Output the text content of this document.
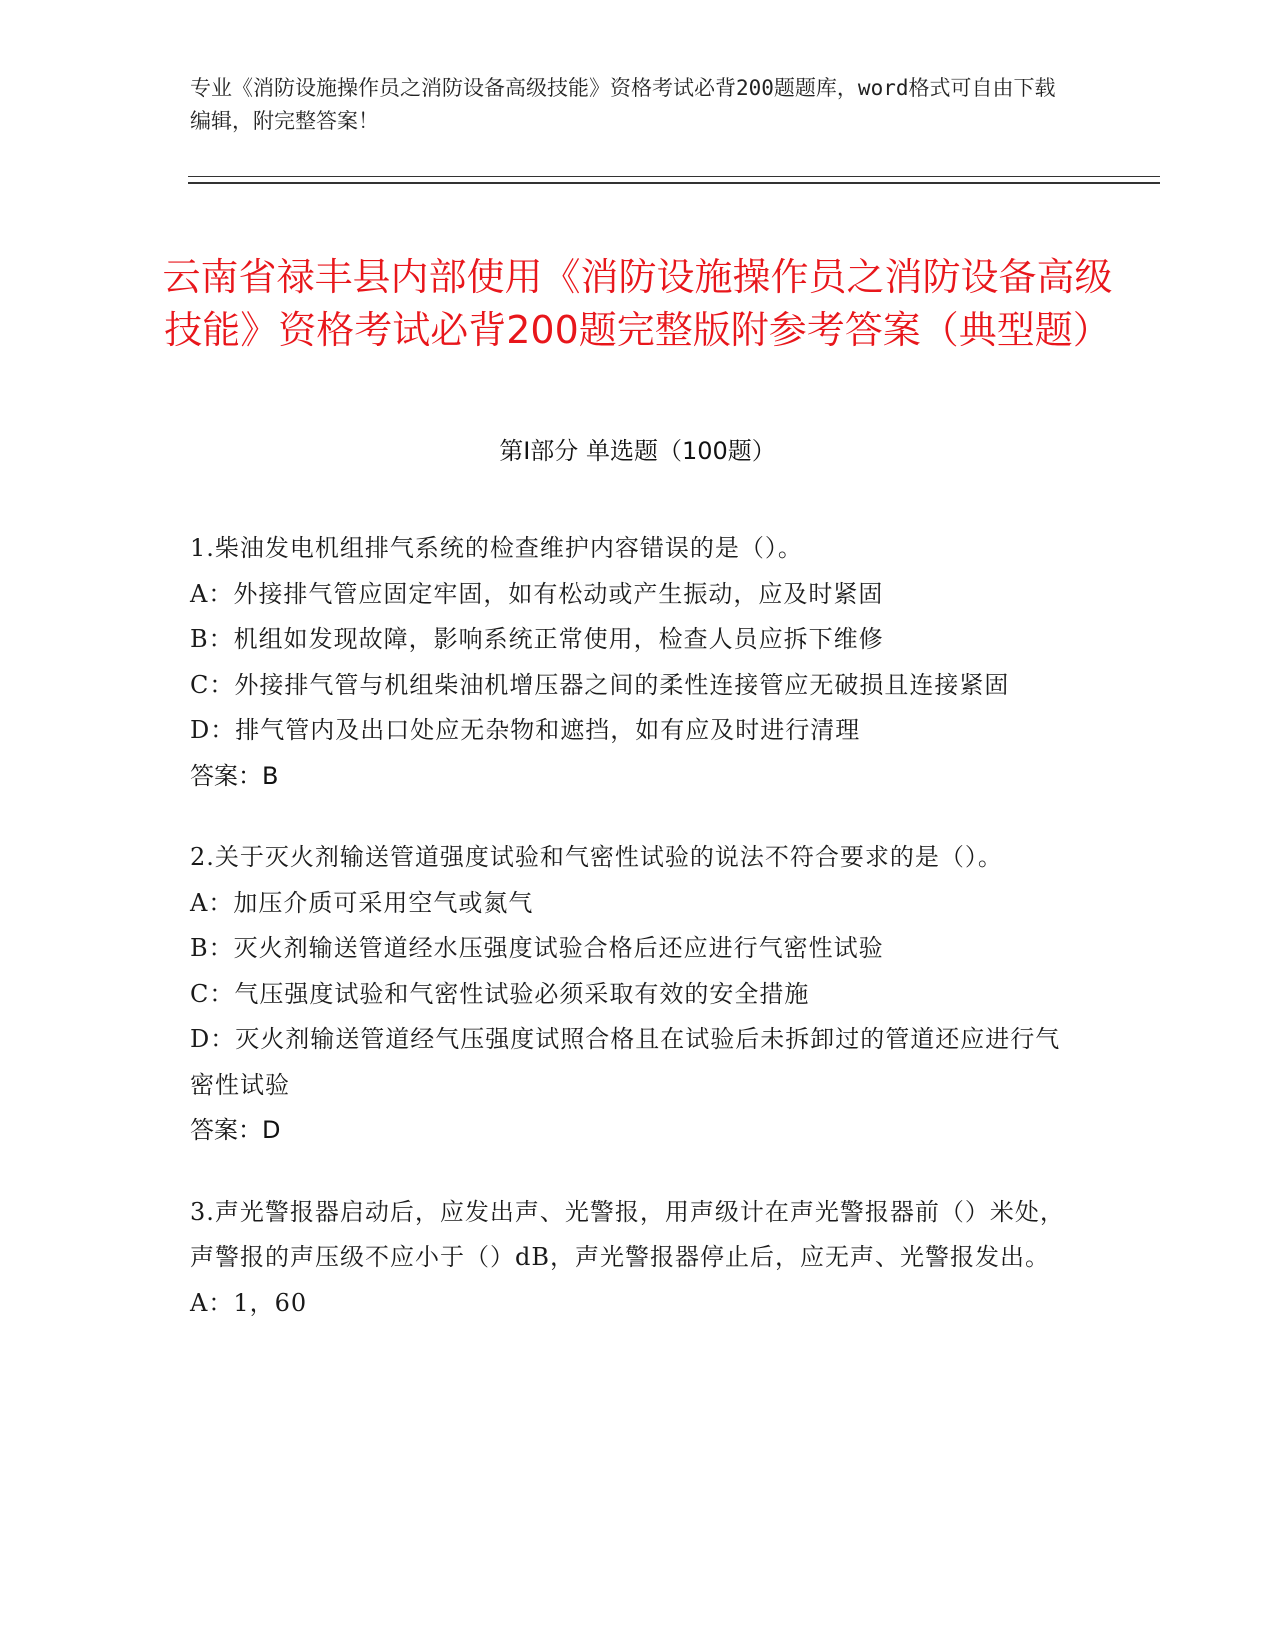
专业《消防设施操作员之消防设备高级技能》资格考试必背200题题库，word格式可自由下载编辑，附完整答案！
云南省禄丰县内部使用《消防设施操作员之消防设备高级技能》资格考试必背200题完整版附参考答案（典型题）
第I部分 单选题（100题）
1.柴油发电机组排气系统的检查维护内容错误的是（）。
A：外接排气管应固定牢固，如有松动或产生振动，应及时紧固
B：机组如发现故障，影响系统正常使用，检查人员应拆下维修
C：外接排气管与机组柴油机增压器之间的柔性连接管应无破损且连接紧固
D：排气管内及出口处应无杂物和遮挡，如有应及时进行清理
答案：B
2.关于灭火剂输送管道强度试验和气密性试验的说法不符合要求的是（）。
A：加压介质可采用空气或氮气
B：灭火剂输送管道经水压强度试验合格后还应进行气密性试验
C：气压强度试验和气密性试验必须采取有效的安全措施
D：灭火剂输送管道经气压强度试照合格且在试验后未拆卸过的管道还应进行气密性试验
答案：D
3.声光警报器启动后，应发出声、光警报，用声级计在声光警报器前（）米处，声警报的声压级不应小于（）dB，声光警报器停止后，应无声、光警报发出。
A：1，60
